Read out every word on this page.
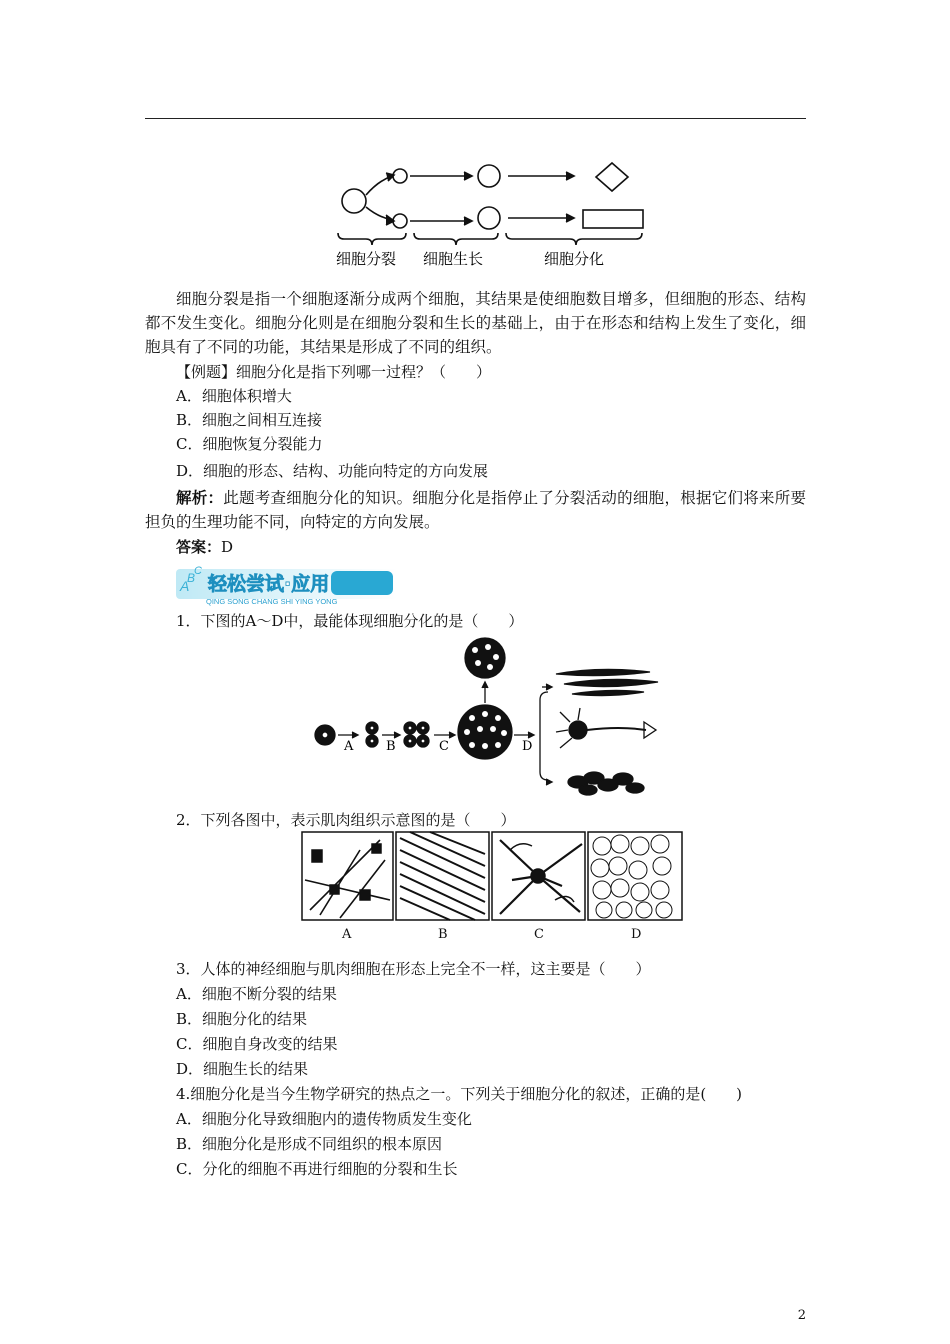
细胞分裂 细胞生长	细胞分化
细胞分裂是指一个细胞逐渐分成两个细胞，其结果是使细胞数目增多，但细胞的形态、结构都不发生变化。细胞分化则是在细胞分裂和生长的基础上，由于在形态和结构上发生了变化，细胞具有了不同的功能，其结果是形成了不同的组织。
【例题】细胞分化是指下列哪一过程？（　　）
A．细胞体积增大
B．细胞之间相互连接
C．细胞恢复分裂能力
D．细胞的形态、结构、功能向特定的方向发展
解析：此题考查细胞分化的知识。细胞分化是指停止了分裂活动的细胞，根据它们将来所要担负的生理功能不同，向特定的方向发展。
答案：D
A
B
C
轻松尝试·应用
QING SONG CHANG SHI YING YONG
1．下图的A～D中，最能体现细胞分化的是（　　）
A	B	C	D
2．下列各图中，表示肌肉组织示意图的是（　　）
A	B	C	D
3．人体的神经细胞与肌肉细胞在形态上完全不一样，这主要是（　　）
A．细胞不断分裂的结果
B．细胞分化的结果
C．细胞自身改变的结果
D．细胞生长的结果
4.细胞分化是当今生物学研究的热点之一。下列关于细胞分化的叙述，正确的是(　　)
A．细胞分化导致细胞内的遗传物质发生变化
B．细胞分化是形成不同组织的根本原因
C．分化的细胞不再进行细胞的分裂和生长
2
